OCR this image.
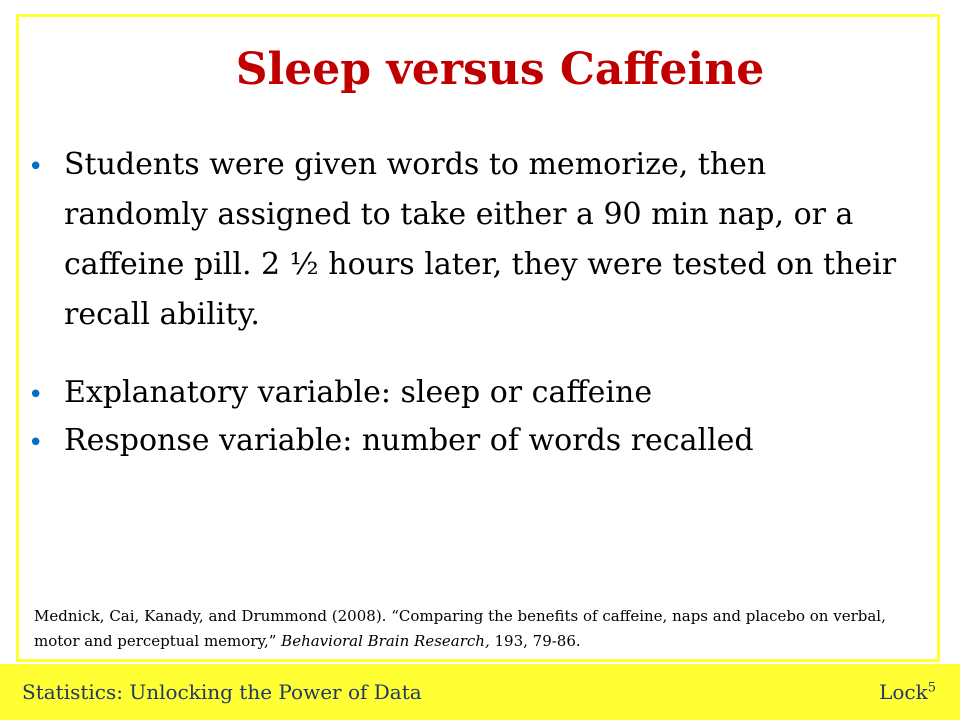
Sleep versus Caffeine
• Students were given words to memorize, then randomly assigned to take either a 90 min nap, or a caffeine pill. 2 ½ hours later, they were tested on their recall ability.
• Explanatory variable: sleep or caffeine
• Response variable: number of words recalled
Mednick, Cai, Kanady, and Drummond (2008). “Comparing the benefits of caffeine, naps and placebo on verbal, motor and perceptual memory,” Behavioral Brain Research, 193, 79-86.
Statistics: Unlocking the Power of Data	Lock$^5$
